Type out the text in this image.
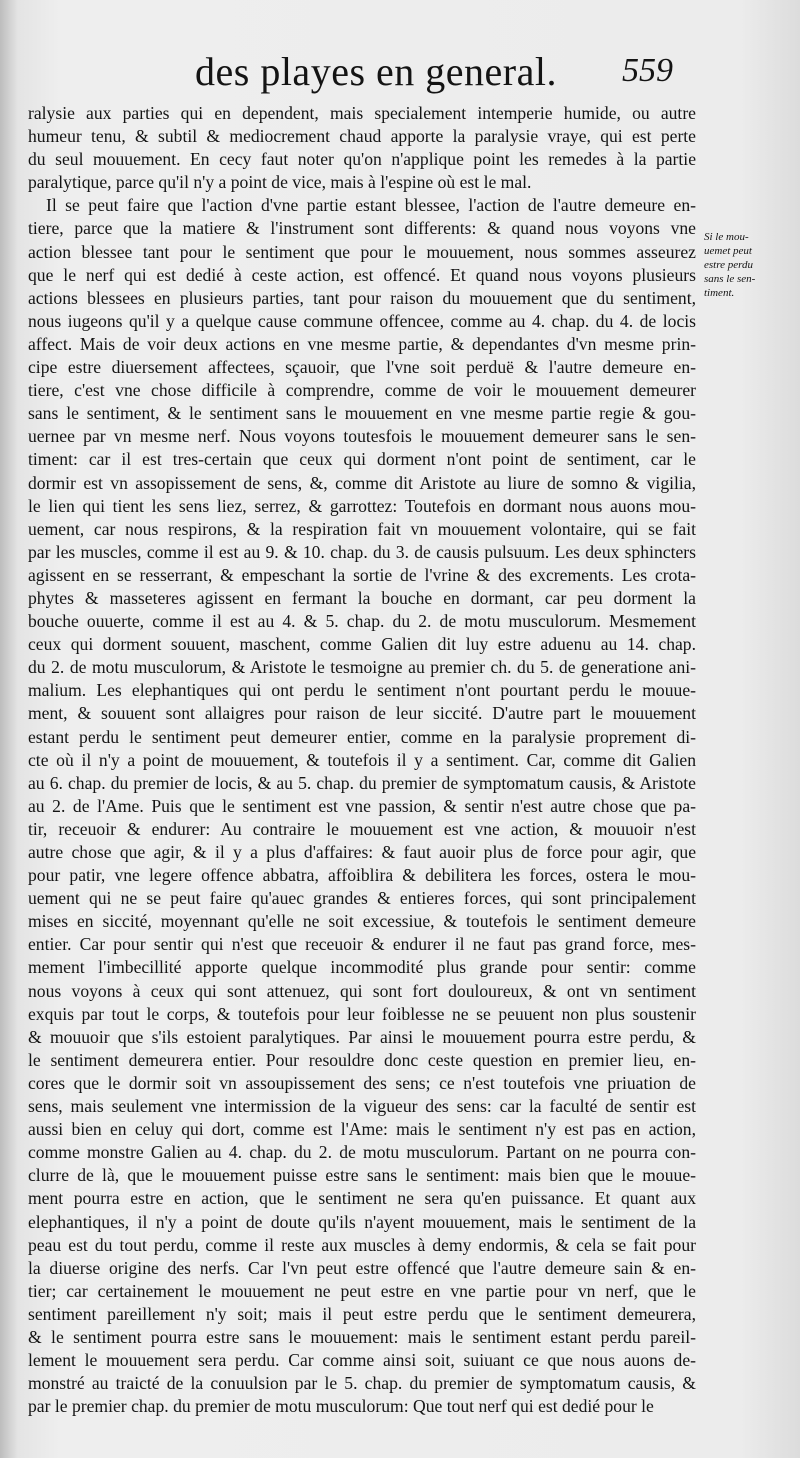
des playes en general. 559
ralysie aux parties qui en dependent, mais specialement intemperie humide, ou autre
humeur tenu, & subtil & mediocrement chaud apporte la paralysie vraye, qui est perte
du seul mouuement. En cecy faut noter qu'on n'applique point les remedes à la partie
paralytique, parce qu'il n'y a point de vice, mais à l'espine où est le mal.
Il se peut faire que l'action d'vne partie estant blessee, l'action de l'autre demeure en-
tiere, parce que la matiere & l'instrument sont differents: & quand nous voyons vne
action blessee tant pour le sentiment que pour le mouuement, nous sommes asseurez
que le nerf qui est dedié à ceste action, est offencé. Et quand nous voyons plusieurs
actions blessees en plusieurs parties, tant pour raison du mouuement que du sentiment,
nous iugeons qu'il y a quelque cause commune offencee, comme au 4. chap. du 4. de locis
affect. Mais de voir deux actions en vne mesme partie, & dependantes d'vn mesme prin-
cipe estre diuersement affectees, sçauoir, que l'vne soit perduë & l'autre demeure en-
tiere, c'est vne chose difficile à comprendre, comme de voir le mouuement demeurer
sans le sentiment, & le sentiment sans le mouuement en vne mesme partie regie & gou-
uernee par vn mesme nerf. Nous voyons toutesfois le mouuement demeurer sans le sen-
timent: car il est tres-certain que ceux qui dorment n'ont point de sentiment, car le
dormir est vn assopissement de sens, &, comme dit Aristote au liure de somno & vigilia,
le lien qui tient les sens liez, serrez, & garrottez: Toutefois en dormant nous auons mou-
uement, car nous respirons, & la respiration fait vn mouuement volontaire, qui se fait
par les muscles, comme il est au 9. & 10. chap. du 3. de causis pulsuum. Les deux sphincters
agissent en se resserrant, & empeschant la sortie de l'vrine & des excrements. Les crota-
phytes & masseteres agissent en fermant la bouche en dormant, car peu dorment la
bouche ouuerte, comme il est au 4. & 5. chap. du 2. de motu musculorum. Mesmement
ceux qui dorment souuent, maschent, comme Galien dit luy estre aduenu au 14. chap.
du 2. de motu musculorum, & Aristote le tesmoigne au premier ch. du 5. de generatione ani-
malium. Les elephantiques qui ont perdu le sentiment n'ont pourtant perdu le mouue-
ment, & souuent sont allaigres pour raison de leur siccité. D'autre part le mouuement
estant perdu le sentiment peut demeurer entier, comme en la paralysie proprement di-
cte où il n'y a point de mouuement, & toutefois il y a sentiment. Car, comme dit Galien
au 6. chap. du premier de locis, & au 5. chap. du premier de symptomatum causis, & Aristote
au 2. de l'Ame. Puis que le sentiment est vne passion, & sentir n'est autre chose que pa-
tir, receuoir & endurer: Au contraire le mouuement est vne action, & mouuoir n'est
autre chose que agir, & il y a plus d'affaires: & faut auoir plus de force pour agir, que
pour patir, vne legere offence abbatra, affoiblira & debilitera les forces, ostera le mou-
uement qui ne se peut faire qu'auec grandes & entieres forces, qui sont principalement
mises en siccité, moyennant qu'elle ne soit excessiue, & toutefois le sentiment demeure
entier. Car pour sentir qui n'est que receuoir & endurer il ne faut pas grand force, mes-
mement l'imbecillité apporte quelque incommodité plus grande pour sentir: comme
nous voyons à ceux qui sont attenuez, qui sont fort douloureux, & ont vn sentiment
exquis par tout le corps, & toutefois pour leur foiblesse ne se peuuent non plus soustenir
& mouuoir que s'ils estoient paralytiques. Par ainsi le mouuement pourra estre perdu, &
le sentiment demeurera entier. Pour resouldre donc ceste question en premier lieu, en-
cores que le dormir soit vn assoupissement des sens; ce n'est toutefois vne priuation de
sens, mais seulement vne intermission de la vigueur des sens: car la faculté de sentir est
aussi bien en celuy qui dort, comme est l'Ame: mais le sentiment n'y est pas en action,
comme monstre Galien au 4. chap. du 2. de motu musculorum. Partant on ne pourra con-
clurre de là, que le mouuement puisse estre sans le sentiment: mais bien que le mouue-
ment pourra estre en action, que le sentiment ne sera qu'en puissance. Et quant aux
elephantiques, il n'y a point de doute qu'ils n'ayent mouuement, mais le sentiment de la
peau est du tout perdu, comme il reste aux muscles à demy endormis, & cela se fait pour
la diuerse origine des nerfs. Car l'vn peut estre offencé que l'autre demeure sain & en-
tier; car certainement le mouuement ne peut estre en vne partie pour vn nerf, que le
sentiment pareillement n'y soit; mais il peut estre perdu que le sentiment demeurera,
& le sentiment pourra estre sans le mouuement: mais le sentiment estant perdu pareil-
lement le mouuement sera perdu. Car comme ainsi soit, suiuant ce que nous auons de-
monstré au traicté de la conuulsion par le 5. chap. du premier de symptomatum causis, &
par le premier chap. du premier de motu musculorum: Que tout nerf qui est dedié pour le
Si le mou-
uemet peut
estre perdu
sans le sen-
timent.
